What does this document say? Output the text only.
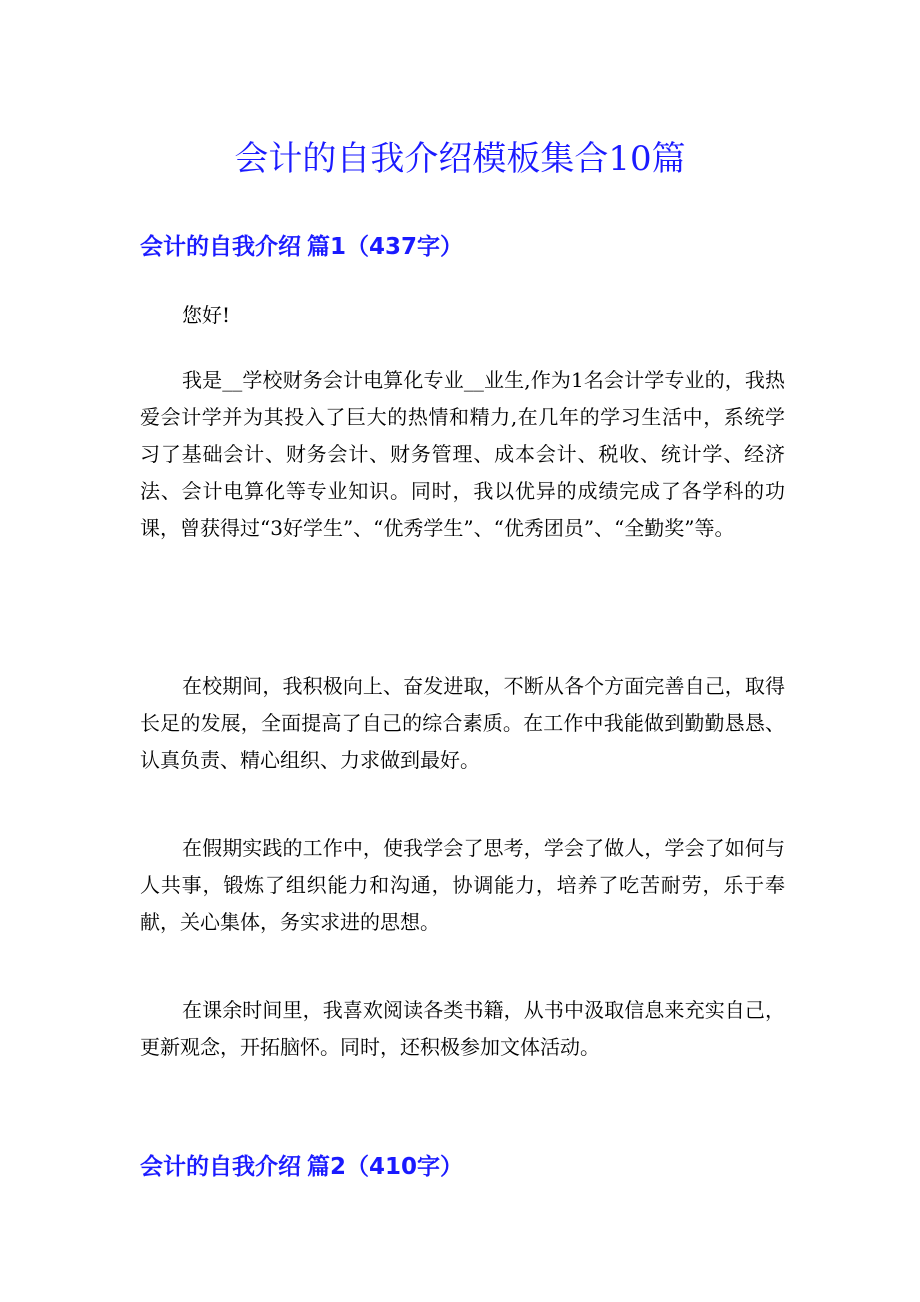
会计的自我介绍模板集合10篇
会计的自我介绍 篇1（437字）

您好!

我是__学校财务会计电算化专业__业生,作为1名会计学专业的，我热爱会计学并为其投入了巨大的热情和精力,在几年的学习生活中，系统学习了基础会计、财务会计、财务管理、成本会计、税收、统计学、经济法、会计电算化等专业知识。同时，我以优异的成绩完成了各学科的功课，曾获得过“3好学生”、“优秀学生”、“优秀团员”、“全勤奖”等。

在校期间，我积极向上、奋发进取，不断从各个方面完善自己，取得长足的发展，全面提高了自己的综合素质。在工作中我能做到勤勤恳恳、认真负责、精心组织、力求做到最好。

在假期实践的工作中，使我学会了思考，学会了做人，学会了如何与人共事，锻炼了组织能力和沟通，协调能力，培养了吃苦耐劳，乐于奉献，关心集体，务实求进的思想。

在课余时间里，我喜欢阅读各类书籍，从书中汲取信息来充实自己，更新观念，开拓脑怀。同时，还积极参加文体活动。

会计的自我介绍 篇2（410字）
